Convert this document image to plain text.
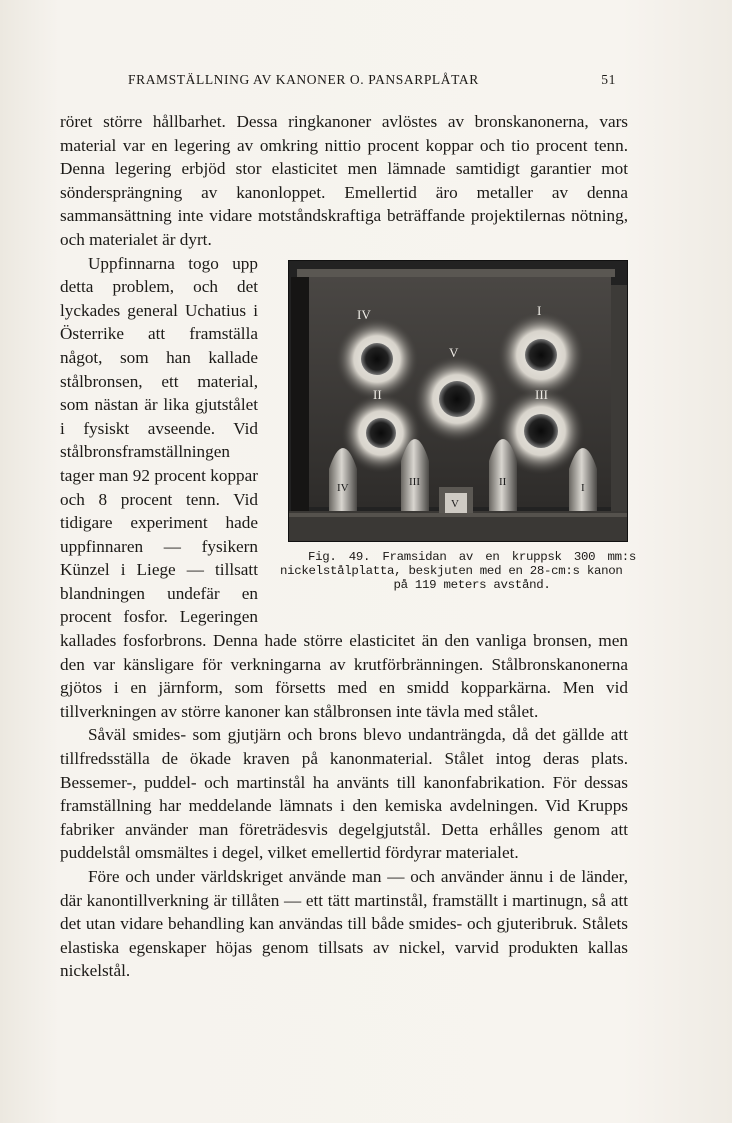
FRAMSTÄLLNING AV KANONER O. PANSARPLÅTAR	51

röret större hållbarhet. Dessa ringkanoner avlöstes av bronskanonerna, vars material var en legering av omkring nittio procent koppar och tio procent tenn. Denna legering erbjöd stor elasticitet men lämnade samtidigt garantier mot söndersprängning av kanonloppet. Emellertid äro metaller av denna sammansättning inte vidare motståndskraftiga beträffande projektilernas nötning, och materialet är dyrt.

IV	I
V
III
II
IV	III	II	I
V
Fig. 49. Framsidan av en kruppsk 300 mm:s nickelstålplatta, beskjuten med en 28-cm:s kanon
på 119 meters avstånd.
Uppfinnarna togo upp detta problem, och det lyckades general Uchatius i Österrike att framställa något, som han kallade stålbronsen, ett material, som nästan är lika gjutstålet i fysiskt avseende. Vid stålbronsframställningen tager man 92 procent koppar och 8 procent tenn. Vid tidigare experiment hade uppfinnaren — fysikern Künzel i Liege — tillsatt blandningen undefär en procent fosfor. Legeringen kallades fosforbrons. Denna hade större elasticitet än den vanliga bronsen, men den var känsligare för verkningarna av krutförbränningen. Stålbronskanonerna gjötos i en järnform, som försetts med en smidd kopparkärna. Men vid tillverkningen av större kanoner kan stålbronsen inte tävla med stålet.

Såväl smides- som gjutjärn och brons blevo undanträngda, då det gällde att tillfredsställa de ökade kraven på kanonmaterial. Stålet intog deras plats. Bessemer-, puddel- och martinstål ha använts till kanonfabrikation. För dessas framställning har meddelande lämnats i den kemiska avdelningen. Vid Krupps fabriker använder man företrädesvis degelgjutstål. Detta erhålles genom att puddelstål omsmältes i degel, vilket emellertid fördyrar materialet.

Före och under världskriget använde man — och använder ännu i de länder, där kanontillverkning är tillåten — ett tätt martinstål, framställt i martinugn, så att det utan vidare behandling kan användas till både smides- och gjuteribruk. Stålets elastiska egenskaper höjas genom tillsats av nickel, varvid produkten kallas nickelstål.
